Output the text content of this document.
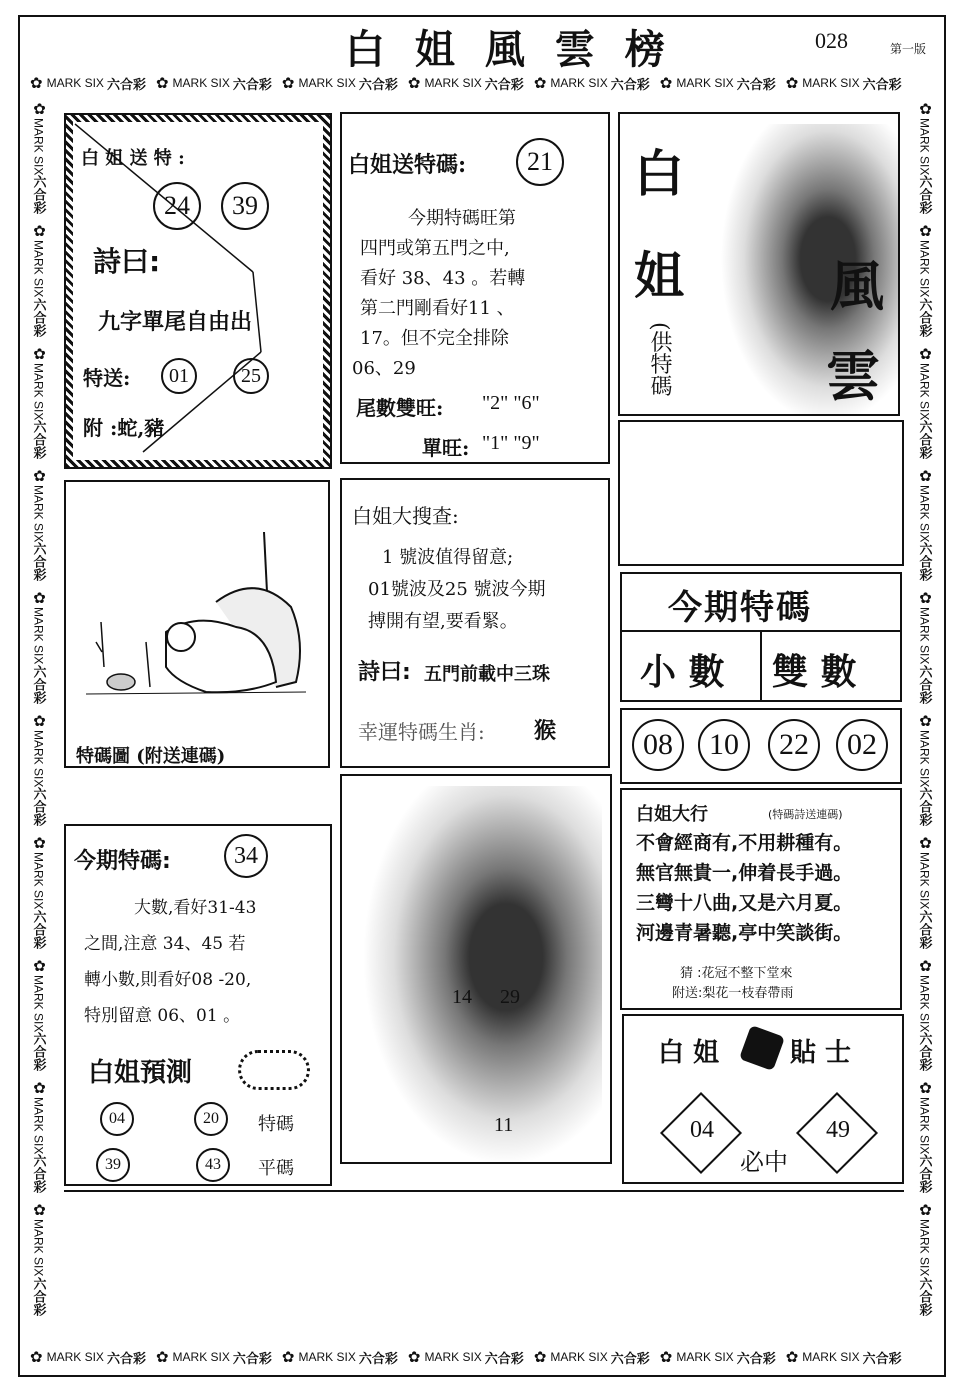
白 姐 風 雲 榜	028	第一版
✿ MARK SIX 六合彩 ✿ MARK SIX 六合彩 ✿ MARK SIX 六合彩 ✿ MARK SIX 六合彩 ✿ MARK SIX 六合彩 ✿ MARK SIX 六合彩 ✿ MARK SIX 六合彩
✿ MARK SIX 六合彩 ✿ MARK SIX 六合彩 ✿ MARK SIX 六合彩 ✿ MARK SIX 六合彩 ✿ MARK SIX 六合彩 ✿ MARK SIX 六合彩 ✿ MARK SIX 六合彩
✿MARK SIX六合彩
✿MARK SIX六合彩
✿MARK SIX六合彩
✿MARK SIX六合彩
✿MARK SIX六合彩
✿MARK SIX六合彩
✿MARK SIX六合彩
✿MARK SIX六合彩
✿MARK SIX六合彩
✿MARK SIX六合彩
✿MARK SIX六合彩
✿MARK SIX六合彩
✿MARK SIX六合彩
✿MARK SIX六合彩
✿MARK SIX六合彩
✿MARK SIX六合彩
✿MARK SIX六合彩
✿MARK SIX六合彩
✿MARK SIX六合彩
✿MARK SIX六合彩
白 姐 送 特 :
24	39
詩曰:
九字單尾自由出
特送:	01	25
附 :蛇,豬
白姐送特碼:	21
今期特碼旺第
四門或第五門之中,
看好 38、43 。若轉
第二門剛看好11 、
17。但不完全排除
06、29
尾數雙旺: "2" "6"
單旺: "1" "9"
白
姐	風
雲
(供特碼
特碼圖 (附送連碼)
白姐大搜查:
1 號波值得留意;
01號波及25 號波今期
搏開有望,要看緊。
詩曰: 五門前載中三珠
幸運特碼生肖: 猴
今期特碼
小 數 雙 數
08	10	22	02
白姐大行	(特碼詩送連碼)
不會經商有,不用耕種有。
無官無貴一,伸着長手過。
三彎十八曲,又是六月夏。
河邊青暑聽,亭中笑談街。
猜 :花冠不整下堂來
附送:梨花一枝春帶雨
今期特碼:	34
大數,看好31-43
之間,注意 34、45 若
轉小數,則看好08 -20,
特別留意 06、01 。
白姐預測
04	20	特碼
39	43	平碼
14 29
11
白 姐	貼 士
04	49
必中
